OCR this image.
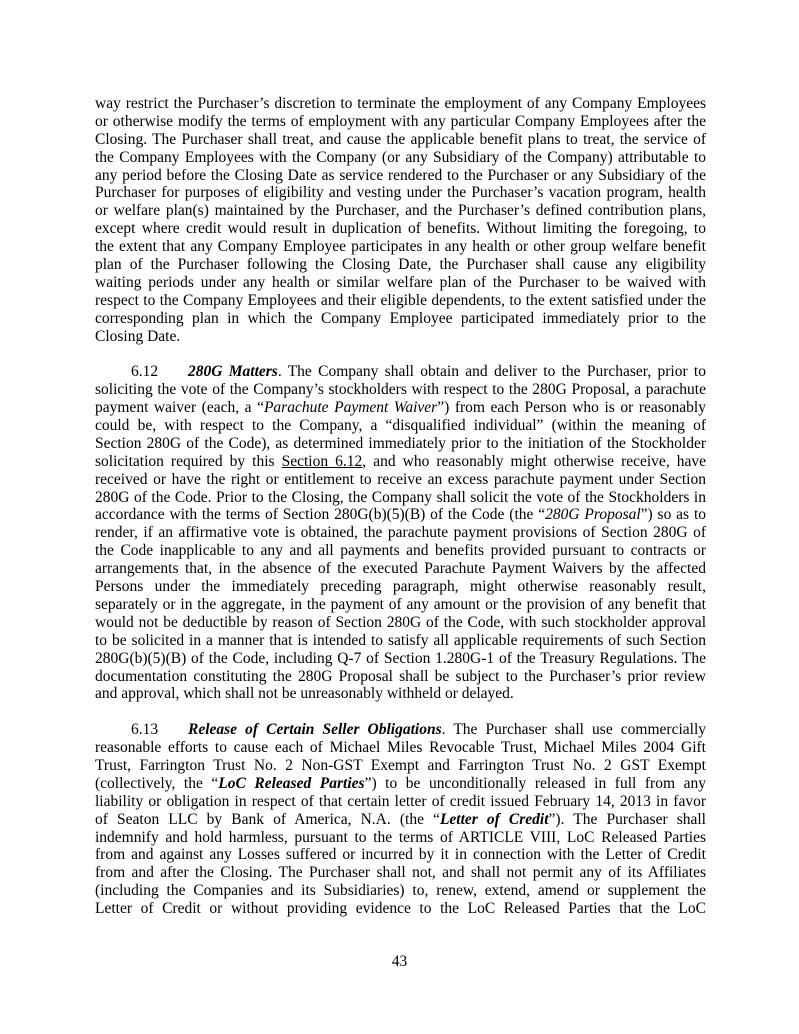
way restrict the Purchaser’s discretion to terminate the employment of any Company Employees
or otherwise modify the terms of employment with any particular Company Employees after the
Closing. The Purchaser shall treat, and cause the applicable benefit plans to treat, the service of
the Company Employees with the Company (or any Subsidiary of the Company) attributable to
any period before the Closing Date as service rendered to the Purchaser or any Subsidiary of the
Purchaser for purposes of eligibility and vesting under the Purchaser’s vacation program, health
or welfare plan(s) maintained by the Purchaser, and the Purchaser’s defined contribution plans,
except where credit would result in duplication of benefits. Without limiting the foregoing, to
the extent that any Company Employee participates in any health or other group welfare benefit
plan of the Purchaser following the Closing Date, the Purchaser shall cause any eligibility
waiting periods under any health or similar welfare plan of the Purchaser to be waived with
respect to the Company Employees and their eligible dependents, to the extent satisfied under the
corresponding plan in which the Company Employee participated immediately prior to the
Closing Date.
6.12	280G Matters. The Company shall obtain and deliver to the Purchaser, prior to
soliciting the vote of the Company’s stockholders with respect to the 280G Proposal, a parachute
payment waiver (each, a “Parachute Payment Waiver”) from each Person who is or reasonably
could be, with respect to the Company, a “disqualified individual” (within the meaning of
Section 280G of the Code), as determined immediately prior to the initiation of the Stockholder
solicitation required by this Section 6.12, and who reasonably might otherwise receive, have
received or have the right or entitlement to receive an excess parachute payment under Section
280G of the Code. Prior to the Closing, the Company shall solicit the vote of the Stockholders in
accordance with the terms of Section 280G(b)(5)(B) of the Code (the “280G Proposal”) so as to
render, if an affirmative vote is obtained, the parachute payment provisions of Section 280G of
the Code inapplicable to any and all payments and benefits provided pursuant to contracts or
arrangements that, in the absence of the executed Parachute Payment Waivers by the affected
Persons under the immediately preceding paragraph, might otherwise reasonably result,
separately or in the aggregate, in the payment of any amount or the provision of any benefit that
would not be deductible by reason of Section 280G of the Code, with such stockholder approval
to be solicited in a manner that is intended to satisfy all applicable requirements of such Section
280G(b)(5)(B) of the Code, including Q-7 of Section 1.280G-1 of the Treasury Regulations. The
documentation constituting the 280G Proposal shall be subject to the Purchaser’s prior review
and approval, which shall not be unreasonably withheld or delayed.
6.13	Release of Certain Seller Obligations. The Purchaser shall use commercially
reasonable efforts to cause each of Michael Miles Revocable Trust, Michael Miles 2004 Gift
Trust, Farrington Trust No. 2 Non-GST Exempt and Farrington Trust No. 2 GST Exempt
(collectively, the “LoC Released Parties”) to be unconditionally released in full from any
liability or obligation in respect of that certain letter of credit issued February 14, 2013 in favor
of Seaton LLC by Bank of America, N.A. (the “Letter of Credit”). The Purchaser shall
indemnify and hold harmless, pursuant to the terms of ARTICLE VIII, LoC Released Parties
from and against any Losses suffered or incurred by it in connection with the Letter of Credit
from and after the Closing. The Purchaser shall not, and shall not permit any of its Affiliates
(including the Companies and its Subsidiaries) to, renew, extend, amend or supplement the
Letter of Credit or without providing evidence to the LoC Released Parties that the LoC
43
